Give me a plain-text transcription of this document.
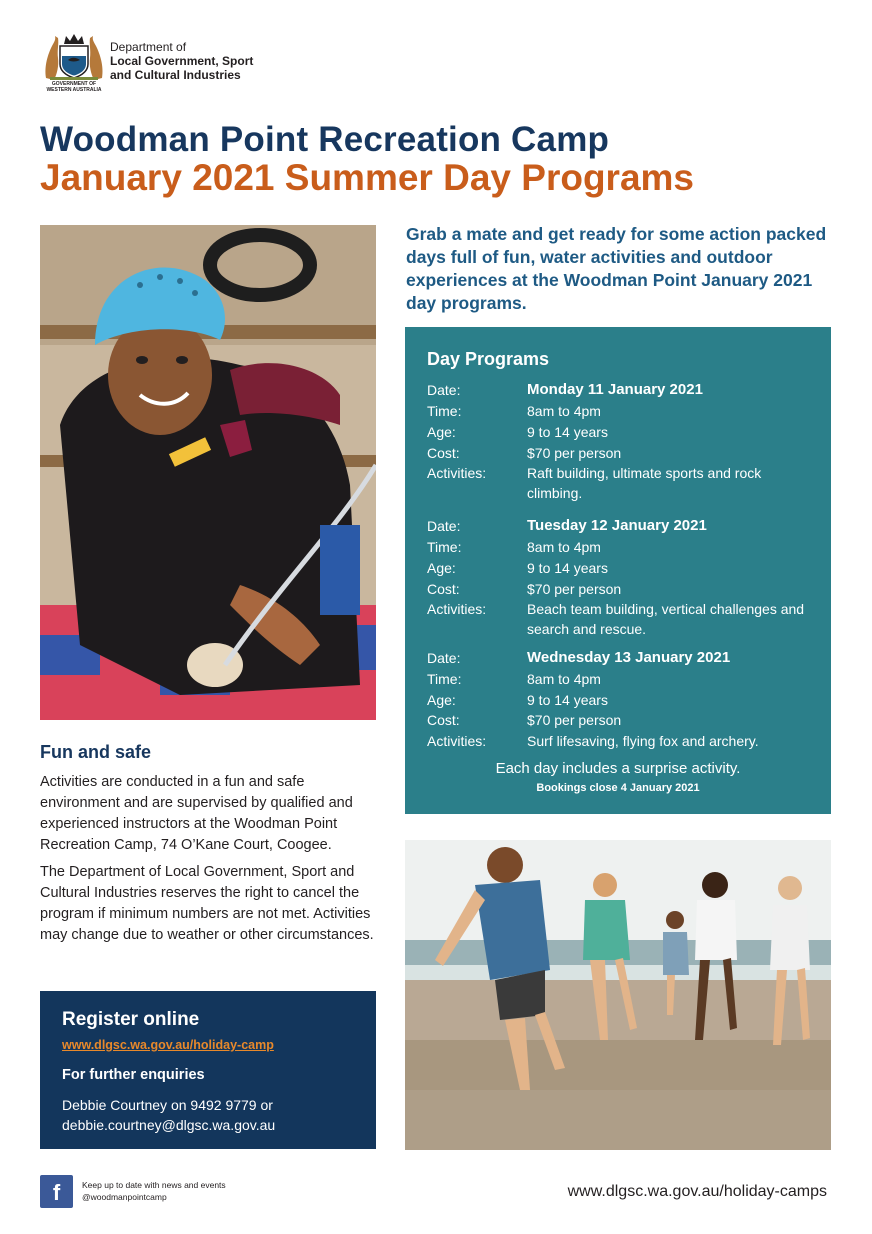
GOVERNMENT OF
WESTERN AUSTRALIA
Department of
Local Government, Sport
and Cultural Industries
Woodman Point Recreation Camp
January 2021 Summer Day Programs
Grab a mate and get ready for some action packed days full of fun, water activities and outdoor experiences at the Woodman Point January 2021 day programs.
Day Programs
Date:	Monday 11 January 2021
Time:	8am to 4pm
Age:	9 to 14 years
Cost:	$70 per person
Activities:	Raft building, ultimate sports and rock climbing.
Date:	Tuesday 12 January 2021
Time:	8am to 4pm
Age:	9 to 14 years
Cost:	$70 per person
Activities:	Beach team building, vertical challenges and search and rescue.
Date:	Wednesday 13 January 2021
Time:	8am to 4pm
Age:	9 to 14 years
Cost:	$70 per person
Activities:	Surf lifesaving, flying fox and archery.
Each day includes a surprise activity.
Bookings close 4 January 2021
Fun and safe
Activities are conducted in a fun and safe environment and are supervised by qualified and experienced instructors at the Woodman Point Recreation Camp, 74 O’Kane Court, Coogee.
The Department of Local Government, Sport and Cultural Industries reserves the right to cancel the program if minimum numbers are not met. Activities may change due to weather or other circumstances.
Register online
www.dlgsc.wa.gov.au/holiday-camp
For further enquiries
Debbie Courtney on 9492 9779 or
debbie.courtney@dlgsc.wa.gov.au
f	Keep up to date with news and events
@woodmanpointcamp	www.dlgsc.wa.gov.au/holiday-camps
